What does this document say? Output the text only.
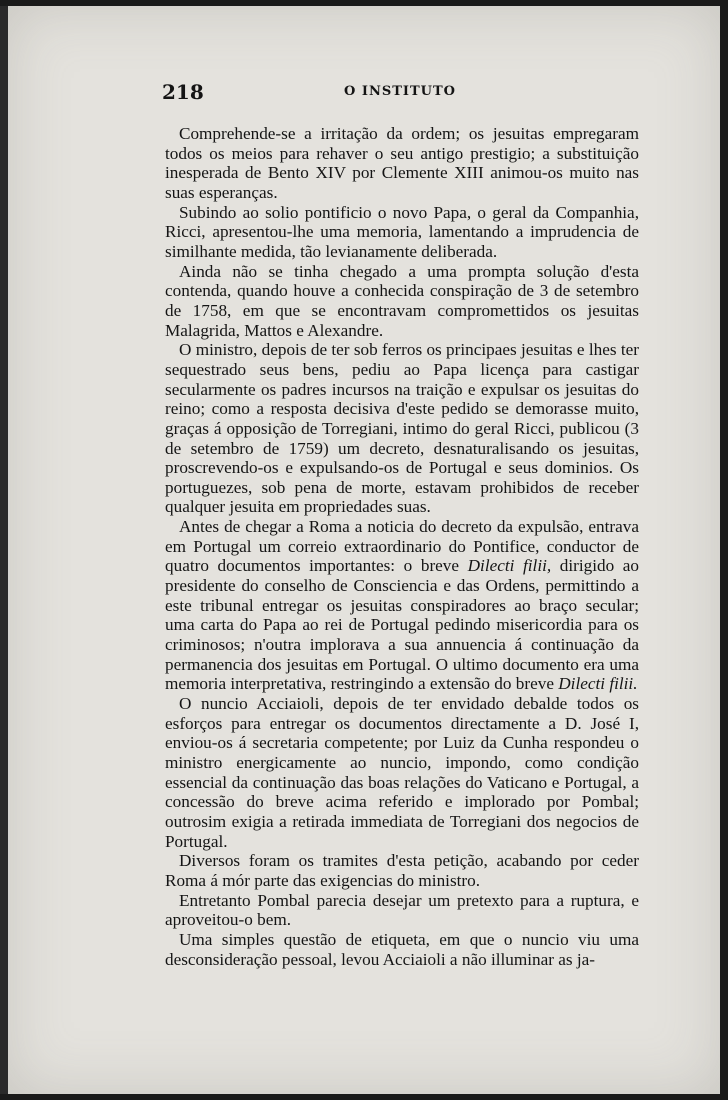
218	O INSTITUTO

Comprehende-se a irritação da ordem; os jesuitas empregaram todos os meios para rehaver o seu antigo prestigio; a substituição inesperada de Bento XIV por Clemente XIII animou-os muito nas suas esperanças.

Subindo ao solio pontificio o novo Papa, o geral da Companhia, Ricci, apresentou-lhe uma memoria, lamentando a imprudencia de similhante medida, tão levianamente deliberada.

Ainda não se tinha chegado a uma prompta solução d'esta contenda, quando houve a conhecida conspiração de 3 de setembro de 1758, em que se encontravam compromettidos os jesuitas Malagrida, Mattos e Alexandre.

O ministro, depois de ter sob ferros os principaes jesuitas e lhes ter sequestrado seus bens, pediu ao Papa licença para castigar secularmente os padres incursos na traição e expulsar os jesuitas do reino; como a resposta decisiva d'este pedido se demorasse muito, graças á opposição de Torregiani, intimo do geral Ricci, publicou (3 de setembro de 1759) um decreto, desnaturalisando os jesuitas, proscrevendo-os e expulsando-os de Portugal e seus dominios. Os portuguezes, sob pena de morte, estavam prohibidos de receber qualquer jesuita em propriedades suas.

Antes de chegar a Roma a noticia do decreto da expulsão, entrava em Portugal um correio extraordinario do Pontifice, conductor de quatro documentos importantes: o breve Dilecti filii, dirigido ao presidente do conselho de Consciencia e das Ordens, permittindo a este tribunal entregar os jesuitas conspiradores ao braço secular; uma carta do Papa ao rei de Portugal pedindo misericordia para os criminosos; n'outra implorava a sua annuencia á continuação da permanencia dos jesuitas em Portugal. O ultimo documento era uma memoria interpretativa, restringindo a extensão do breve Dilecti filii.

O nuncio Acciaioli, depois de ter envidado debalde todos os esforços para entregar os documentos directamente a D. José I, enviou-os á secretaria competente; por Luiz da Cunha respondeu o ministro energicamente ao nuncio, impondo, como condição essencial da continuação das boas relações do Vaticano e Portugal, a concessão do breve acima referido e implorado por Pombal; outrosim exigia a retirada immediata de Torregiani dos negocios de Portugal.

Diversos foram os tramites d'esta petição, acabando por ceder Roma á mór parte das exigencias do ministro.

Entretanto Pombal parecia desejar um pretexto para a ruptura, e aproveitou-o bem.

Uma simples questão de etiqueta, em que o nuncio viu uma desconsideração pessoal, levou Acciaioli a não illuminar as ja-
